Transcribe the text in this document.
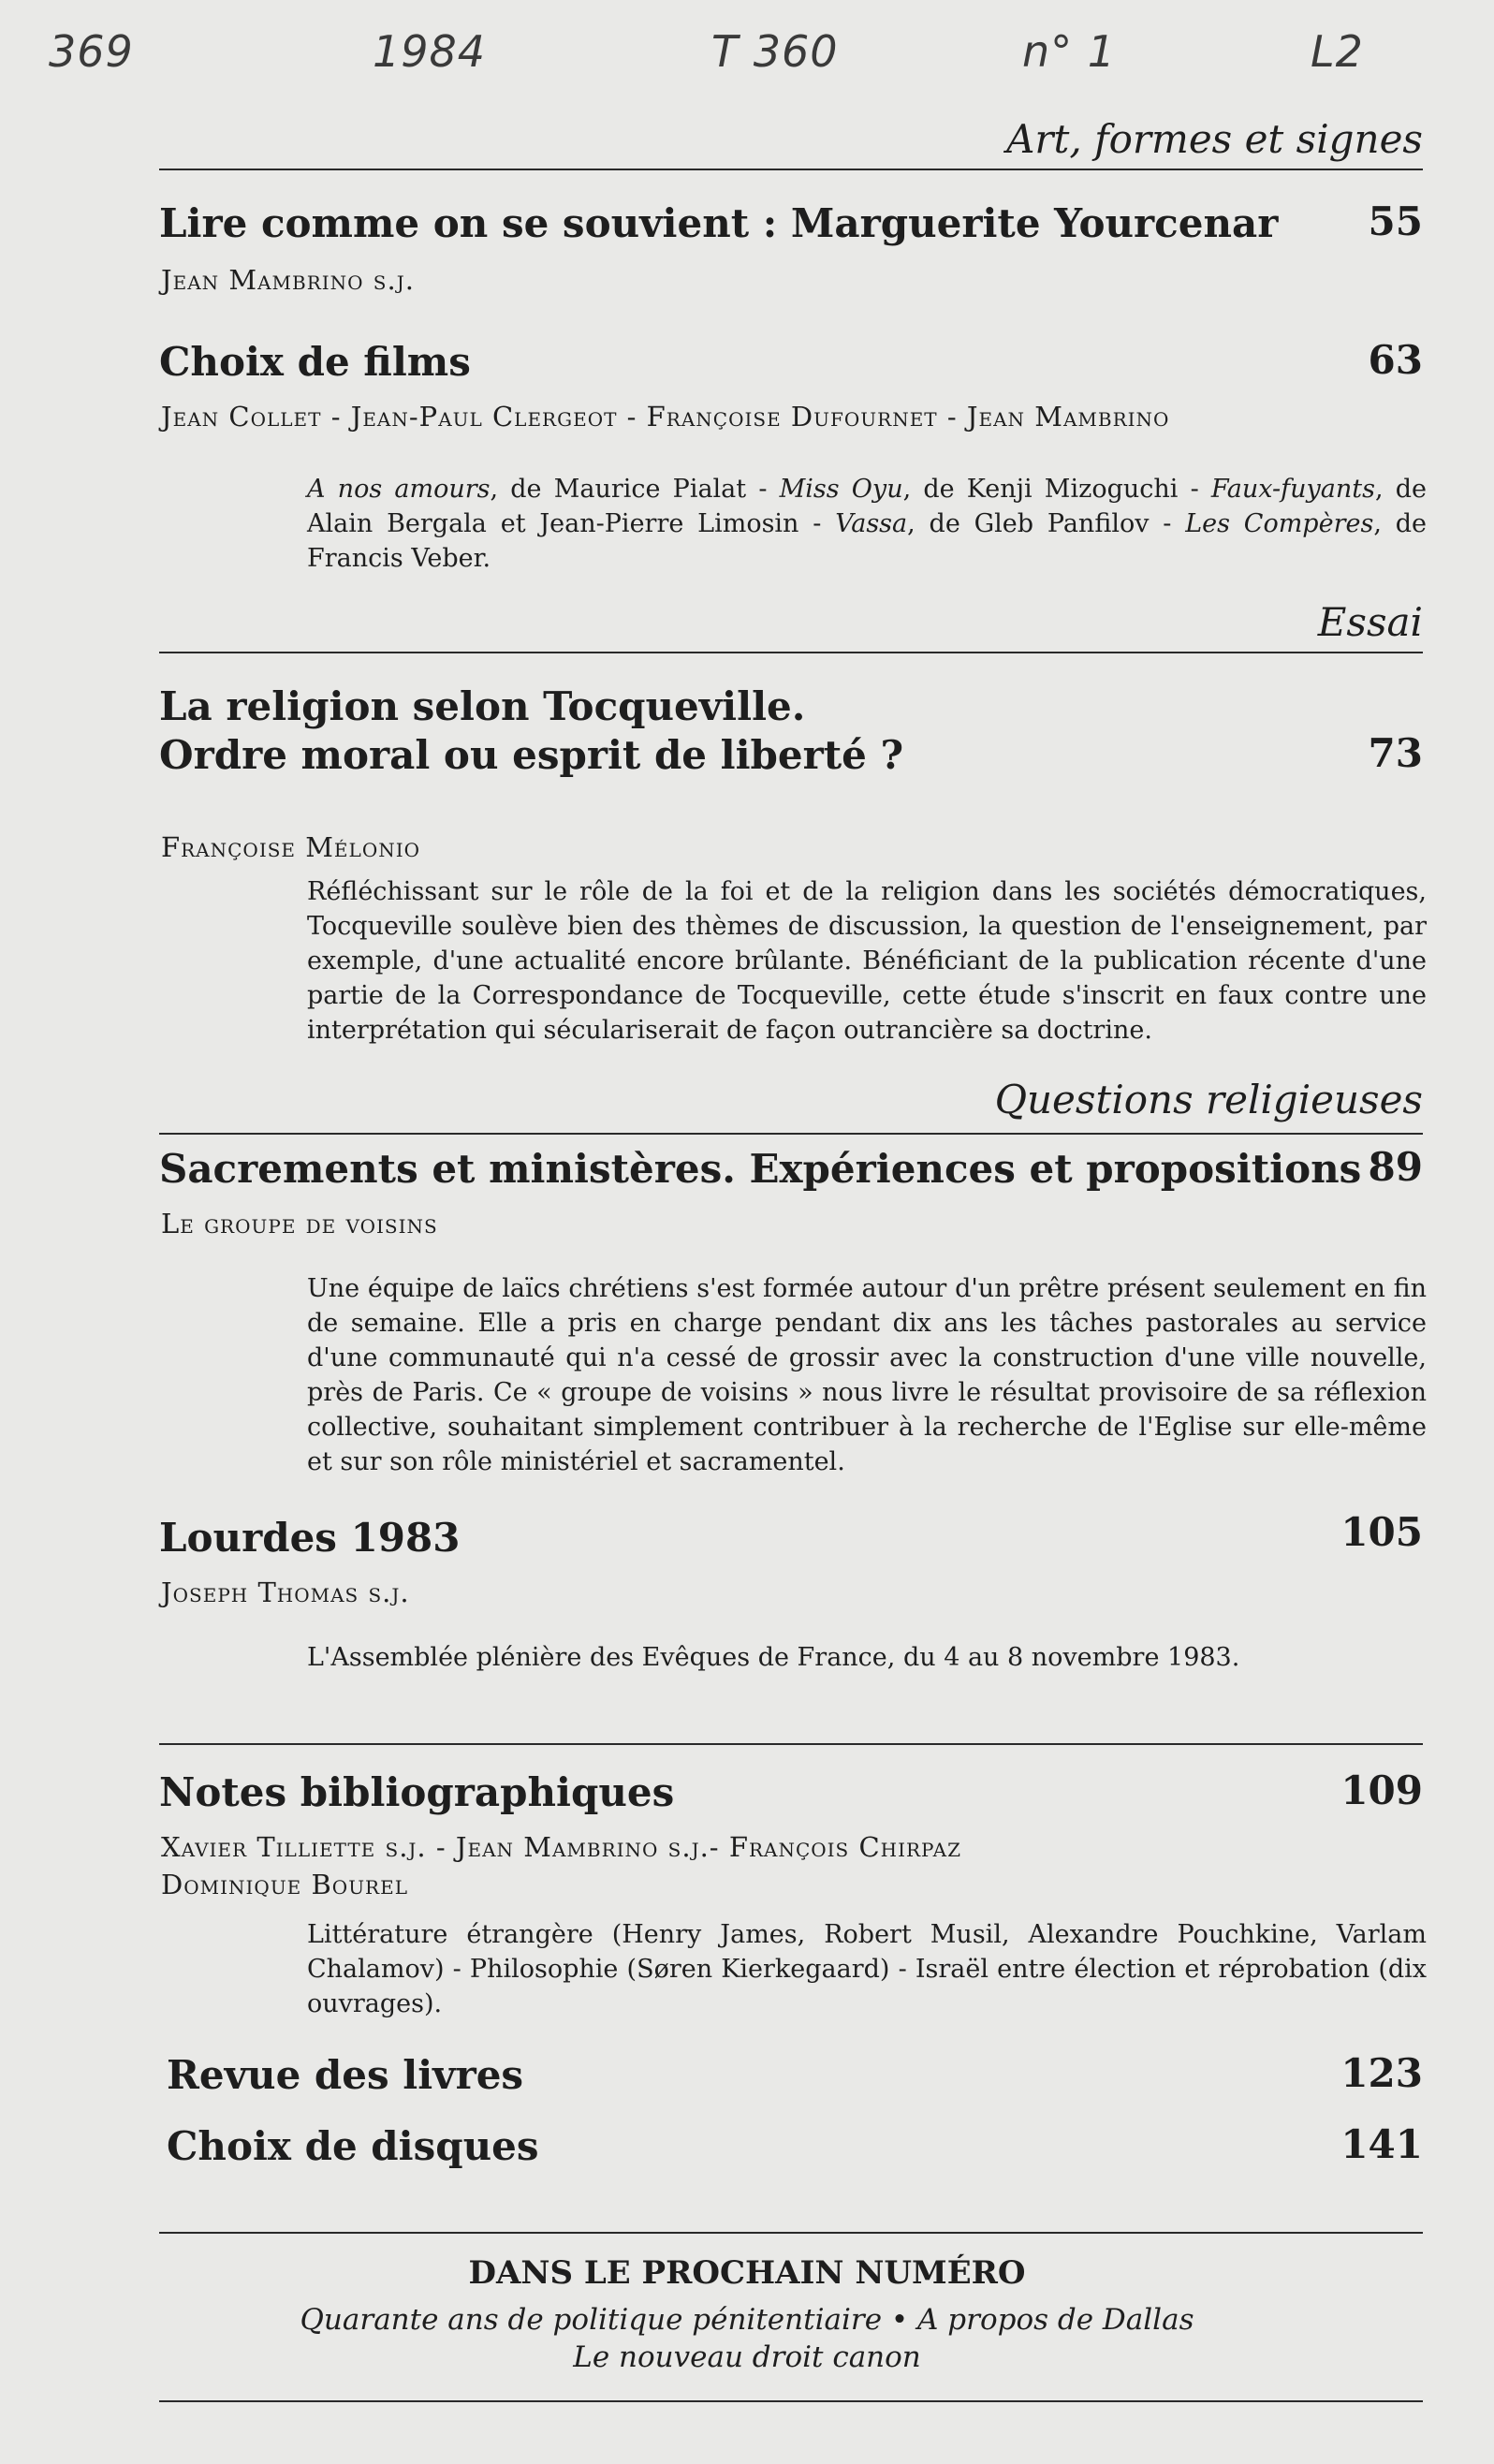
369	1984	T 360	n° 1	L2
Art, formes et signes
Lire comme on se souvient : Marguerite Yourcenar 55
Jean Mambrino s.j.
Choix de films	63
Jean Collet - Jean-Paul Clergeot - Françoise Dufournet - Jean Mambrino
A nos amours, de Maurice Pialat - Miss Oyu, de Kenji Mizoguchi - Faux-fuyants, de Alain Bergala et Jean-Pierre Limosin - Vassa, de Gleb Panfilov - Les Compères, de Francis Veber.
Essai
La religion selon Tocqueville.
Ordre moral ou esprit de liberté ?	73
Françoise Mélonio
Réfléchissant sur le rôle de la foi et de la religion dans les sociétés démocratiques, Tocqueville soulève bien des thèmes de discussion, la question de l'enseignement, par exemple, d'une actualité encore brûlante. Bénéficiant de la publication récente d'une partie de la Correspondance de Tocqueville, cette étude s'inscrit en faux contre une interprétation qui séculariserait de façon outrancière sa doctrine.
Questions religieuses
Sacrements et ministères. Expériences et propositions 89
Le groupe de voisins
Une équipe de laïcs chrétiens s'est formée autour d'un prêtre présent seulement en fin de semaine. Elle a pris en charge pendant dix ans les tâches pastorales au service d'une communauté qui n'a cessé de grossir avec la construction d'une ville nouvelle, près de Paris. Ce « groupe de voisins » nous livre le résultat provisoire de sa réflexion collective, souhaitant simplement contribuer à la recherche de l'Eglise sur elle-même et sur son rôle ministériel et sacramentel.
Lourdes 1983	105
Joseph Thomas s.j.
L'Assemblée plénière des Evêques de France, du 4 au 8 novembre 1983.
Notes bibliographiques	109
Xavier Tilliette s.j. - Jean Mambrino s.j.- François Chirpaz
Dominique Bourel
Littérature étrangère (Henry James, Robert Musil, Alexandre Pouchkine, Varlam Chalamov) - Philosophie (Søren Kierkegaard) - Israël entre élection et réprobation (dix ouvrages).
Revue des livres	123
Choix de disques	141
DANS LE PROCHAIN NUMÉRO
Quarante ans de politique pénitentiaire • A propos de Dallas
Le nouveau droit canon
